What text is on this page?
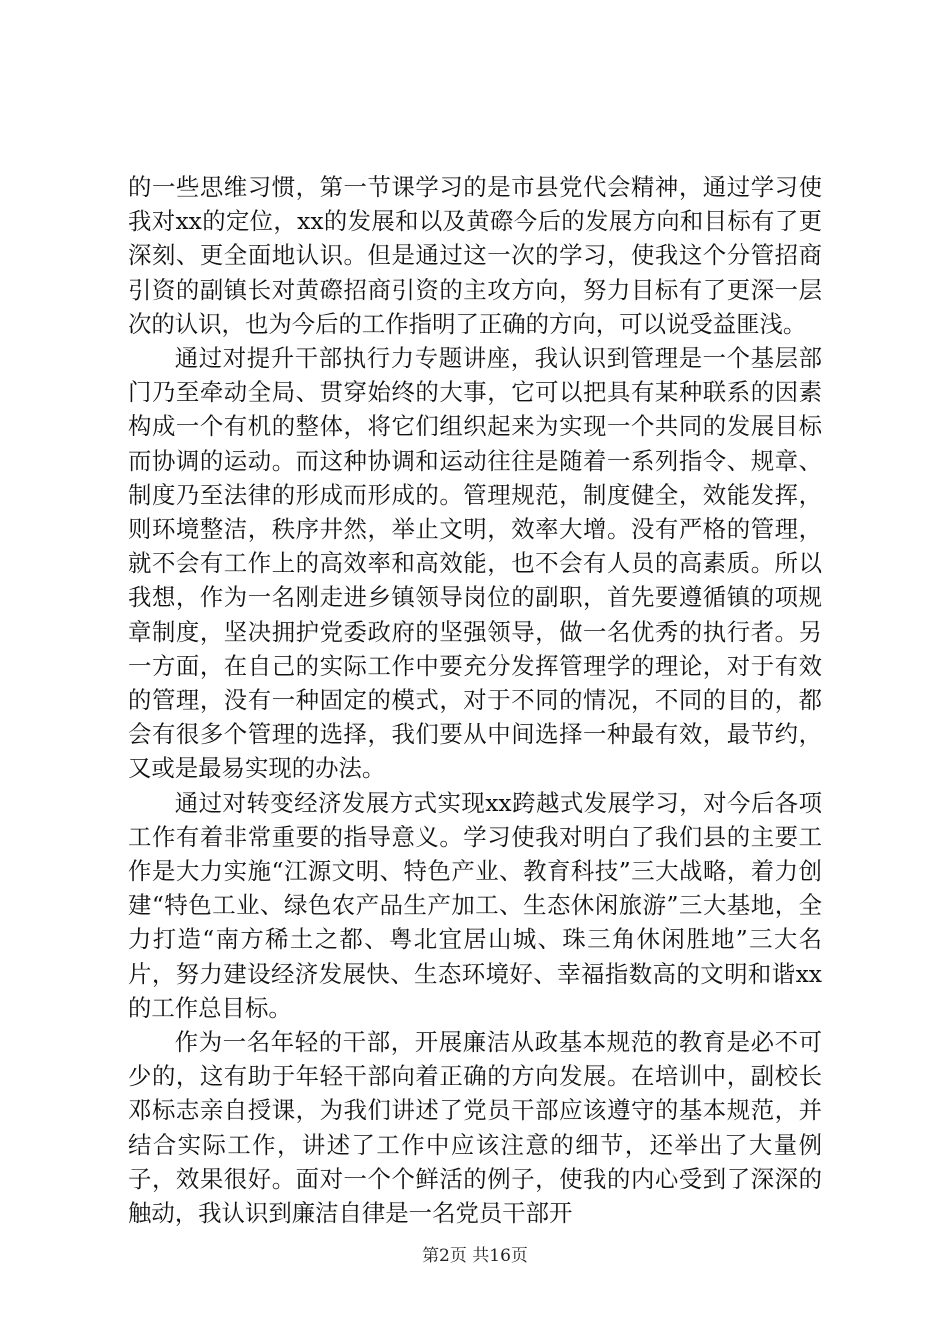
的一些思维习惯，第一节课学习的是市县党代会精神，通过学习使我对xx的定位，xx的发展和以及黄磜今后的发展方向和目标有了更深刻、更全面地认识。但是通过这一次的学习，使我这个分管招商引资的副镇长对黄磜招商引资的主攻方向，努力目标有了更深一层次的认识，也为今后的工作指明了正确的方向，可以说受益匪浅。

通过对提升干部执行力专题讲座，我认识到管理是一个基层部门乃至牵动全局、贯穿始终的大事，它可以把具有某种联系的因素构成一个有机的整体，将它们组织起来为实现一个共同的发展目标而协调的运动。而这种协调和运动往往是随着一系列指令、规章、制度乃至法律的形成而形成的。管理规范，制度健全，效能发挥，则环境整洁，秩序井然，举止文明，效率大增。没有严格的管理，就不会有工作上的高效率和高效能，也不会有人员的高素质。所以我想，作为一名刚走进乡镇领导岗位的副职，首先要遵循镇的项规章制度，坚决拥护党委政府的坚强领导，做一名优秀的执行者。另一方面，在自己的实际工作中要充分发挥管理学的理论，对于有效的管理，没有一种固定的模式，对于不同的情况，不同的目的，都会有很多个管理的选择，我们要从中间选择一种最有效，最节约，又或是最易实现的办法。

通过对转变经济发展方式实现xx跨越式发展学习，对今后各项工作有着非常重要的指导意义。学习使我对明白了我们县的主要工作是大力实施“江源文明、特色产业、教育科技”三大战略，着力创建“特色工业、绿色农产品生产加工、生态休闲旅游”三大基地，全力打造“南方稀土之都、粤北宜居山城、珠三角休闲胜地”三大名片，努力建设经济发展快、生态环境好、幸福指数高的文明和谐xx的工作总目标。

作为一名年轻的干部，开展廉洁从政基本规范的教育是必不可少的，这有助于年轻干部向着正确的方向发展。在培训中，副校长邓标志亲自授课，为我们讲述了党员干部应该遵守的基本规范，并结合实际工作，讲述了工作中应该注意的细节，还举出了大量例子，效果很好。面对一个个鲜活的例子，使我的内心受到了深深的触动，我认识到廉洁自律是一名党员干部开

第2页 共16页
